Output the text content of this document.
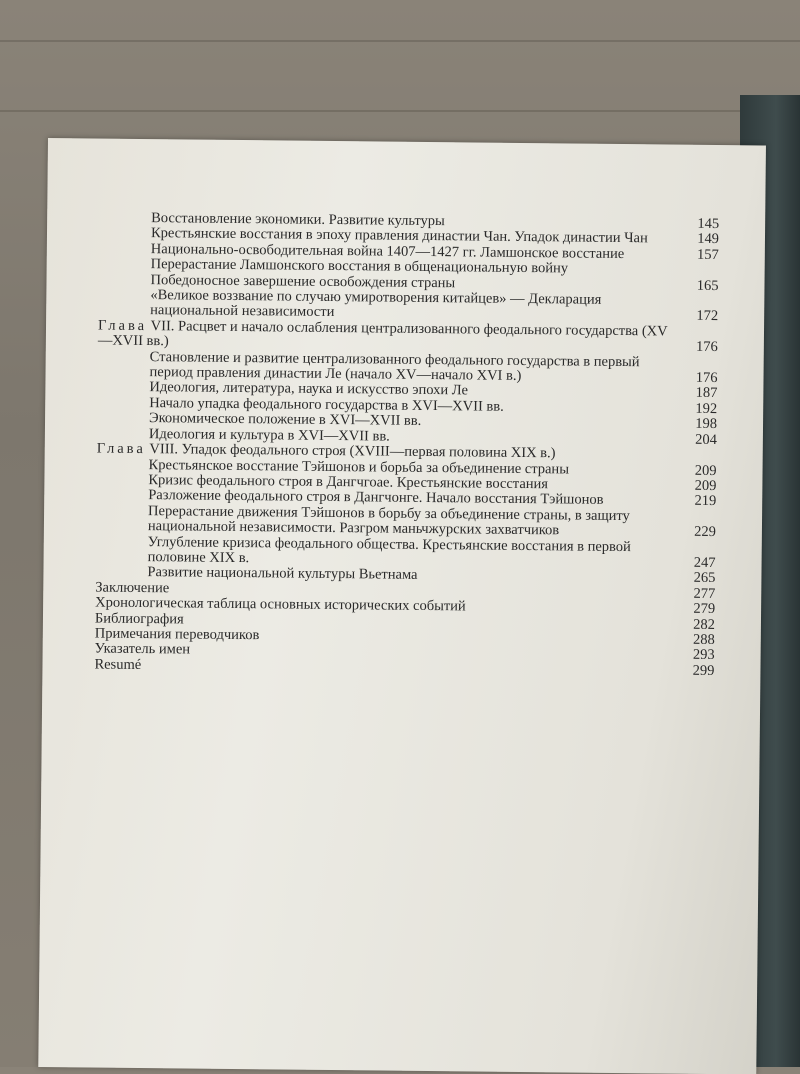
Восстановление экономики. Развитие культуры	145
Крестьянские восстания в эпоху правления династии Чан. Упадок династии Чан	149
Национально-освободительная война 1407—1427 гг. Ламшонское восстание	157
Перерастание Ламшонского восстания в общенациональную войну
Победоносное завершение освобождения страны	165
«Великое воззвание по случаю умиротворения китайцев» — Декларация национальной независимости	172
Глава VII. Расцвет и начало ослабления централизованного феодального государства (XV—XVII вв.)	176
Становление и развитие централизованного феодального государства в первый период правления династии Ле (начало XV—начало XVI в.)	176
Идеология, литература, наука и искусство эпохи Ле	187
Начало упадка феодального государства в XVI—XVII вв.	192
Экономическое положение в XVI—XVII вв.	198
Идеология и культура в XVI—XVII вв.	204
Глава VIII. Упадок феодального строя (XVIII—первая половина XIX в.)
Крестьянское восстание Тэйшонов и борьба за объединение страны	209
Кризис феодального строя в Дангчгоае. Крестьянские восстания	209
Разложение феодального строя в Дангчонге. Начало восстания Тэйшонов	219
Перерастание движения Тэйшонов в борьбу за объединение страны, в защиту национальной независимости. Разгром маньчжурских захватчиков	229
Углубление кризиса феодального общества. Крестьянские восстания в первой половине XIX в.	247
Развитие национальной культуры Вьетнама	265
Заключение	277
Хронологическая таблица основных исторических событий	279
Библиография	282
Примечания переводчиков	288
Указатель имен	293
Resumé	299
